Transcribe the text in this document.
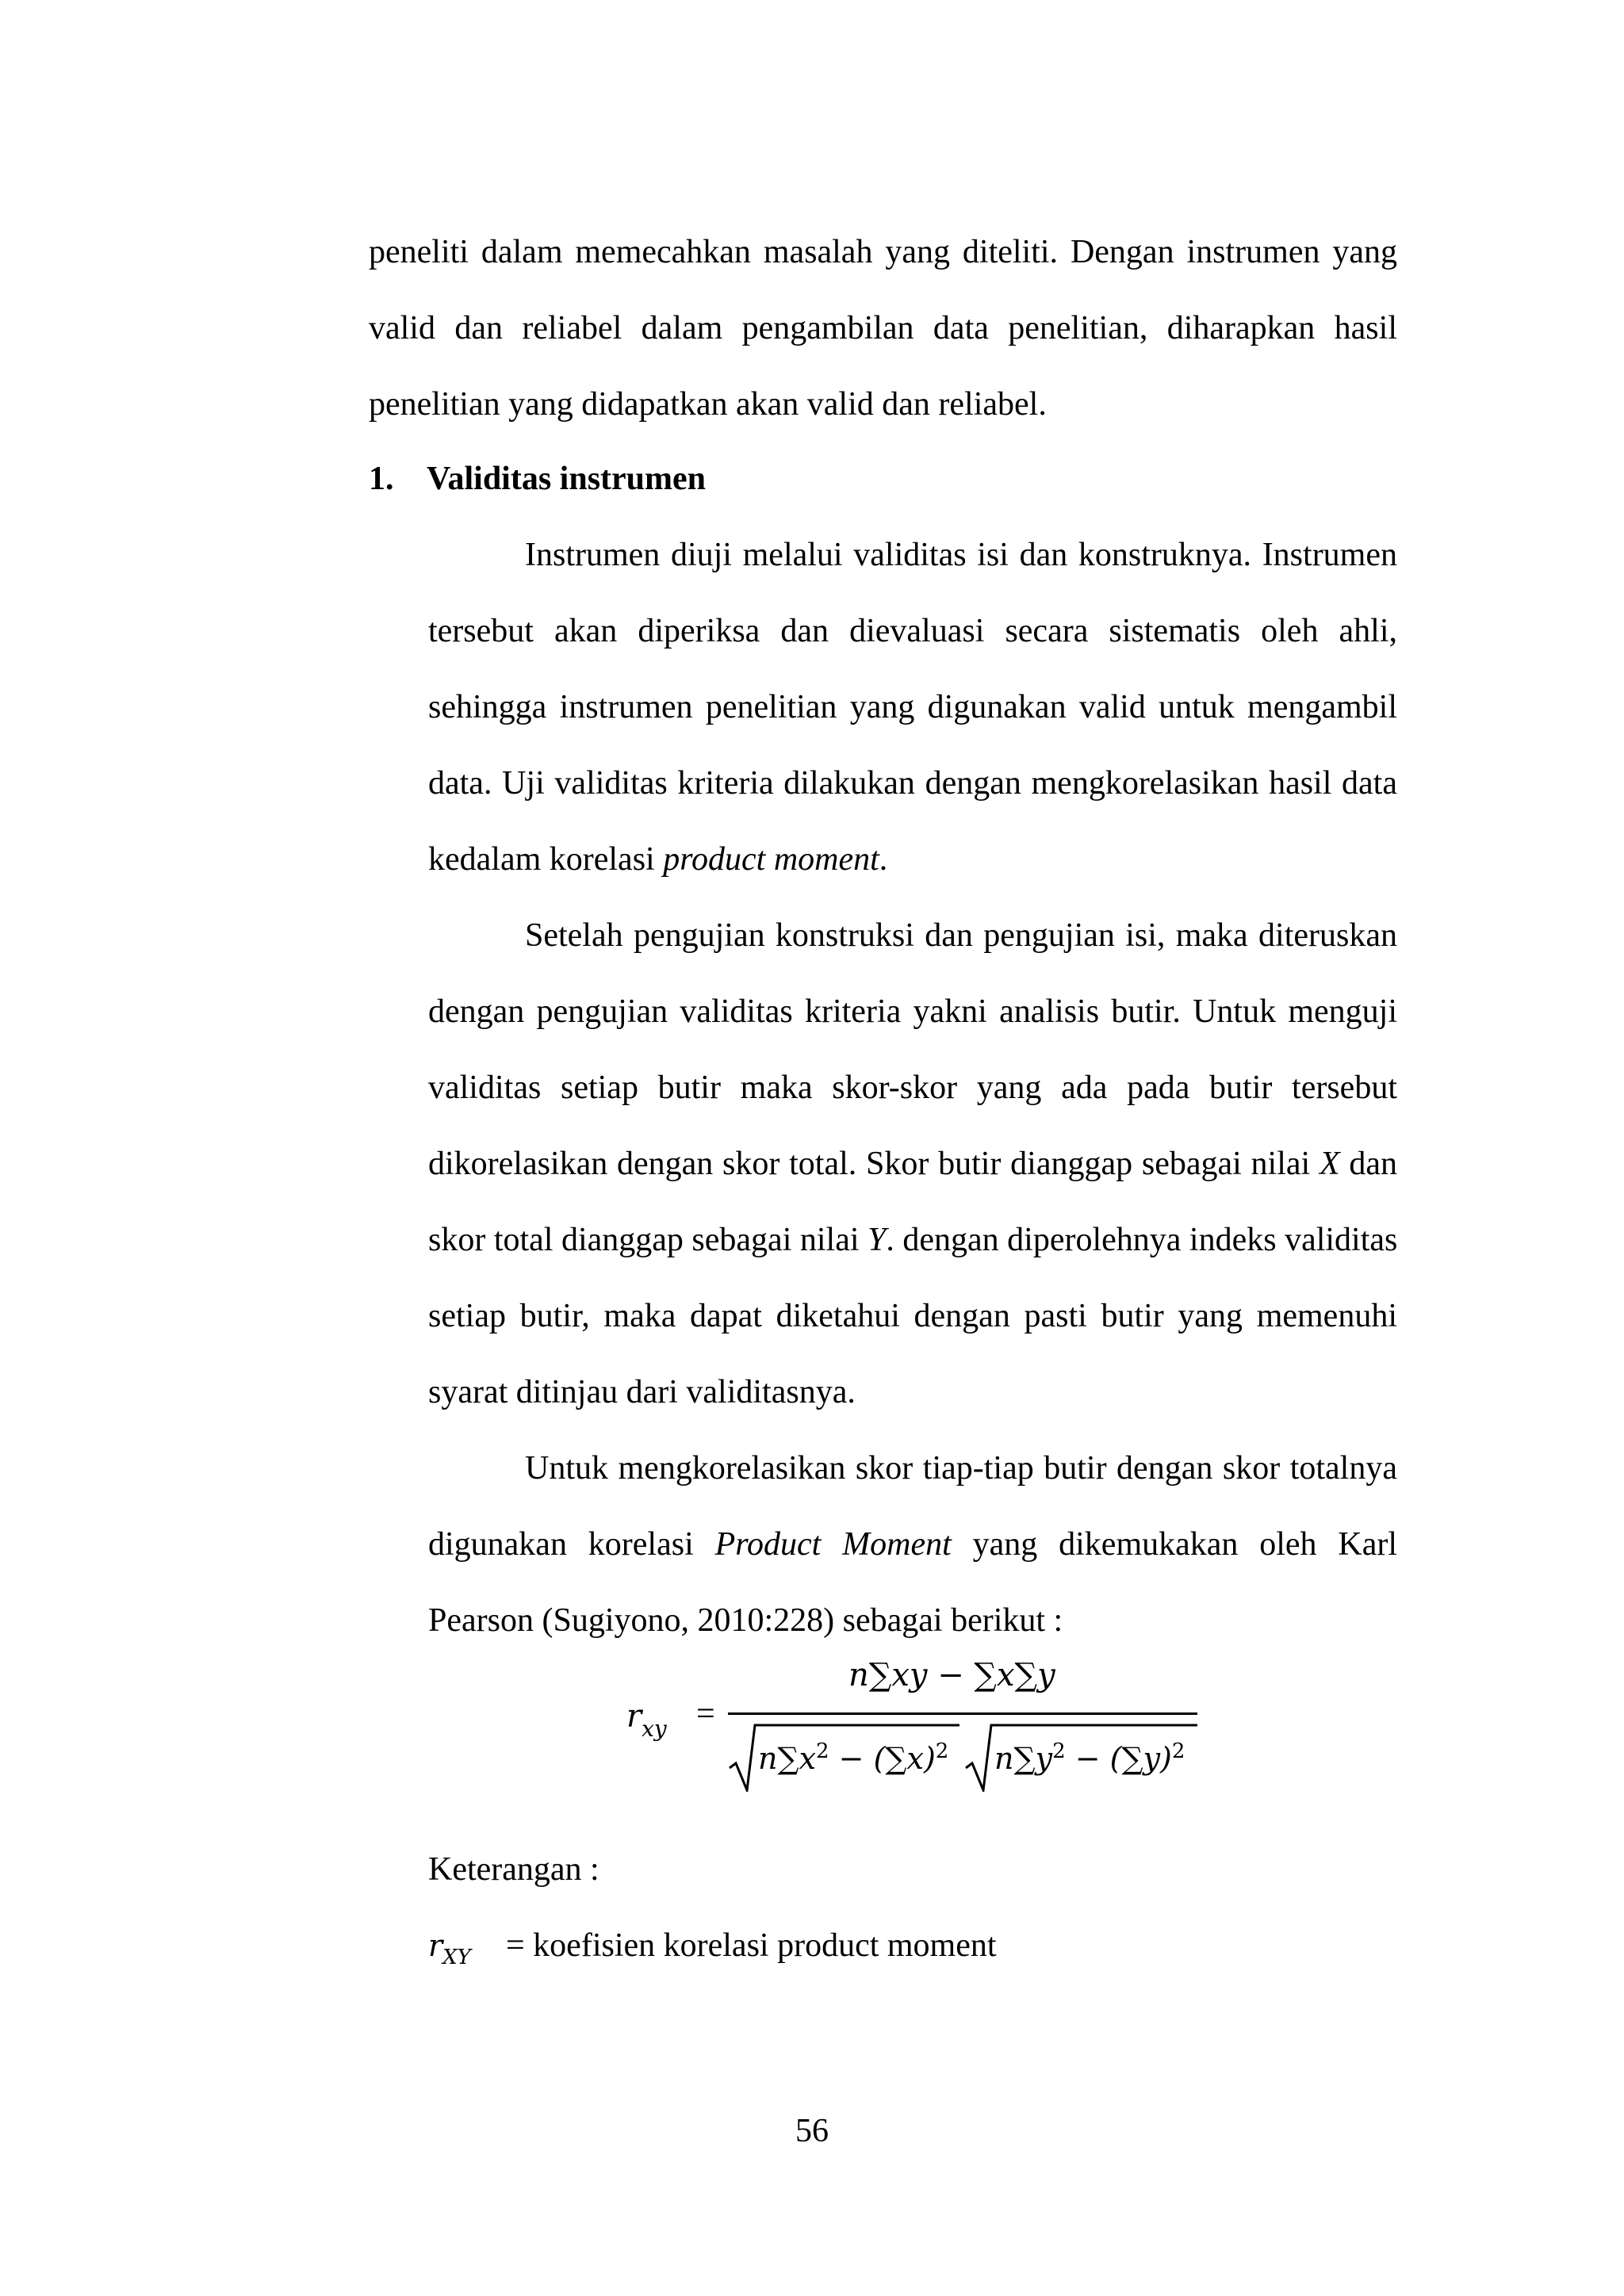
peneliti dalam memecahkan masalah yang diteliti. Dengan instrumen yang
valid dan reliabel dalam pengambilan data penelitian, diharapkan hasil
penelitian yang didapatkan akan valid dan reliabel.
1. Validitas instrumen
Instrumen diuji melalui validitas isi dan konstruknya. Instrumen
tersebut akan diperiksa dan dievaluasi secara sistematis oleh ahli,
sehingga instrumen penelitian yang digunakan valid untuk mengambil
data. Uji validitas kriteria dilakukan dengan mengkorelasikan hasil data
kedalam korelasi product moment.
Setelah pengujian konstruksi dan pengujian isi, maka diteruskan
dengan pengujian validitas kriteria yakni analisis butir. Untuk menguji
validitas setiap butir maka skor-skor yang ada pada butir tersebut
dikorelasikan dengan skor total. Skor butir dianggap sebagai nilai X dan
skor total dianggap sebagai nilai Y. dengan diperolehnya indeks validitas
setiap butir, maka dapat diketahui dengan pasti butir yang memenuhi
syarat ditinjau dari validitasnya.
Untuk mengkorelasikan skor tiap-tiap butir dengan skor totalnya
digunakan korelasi Product Moment yang dikemukakan oleh Karl
Pearson (Sugiyono, 2010:228) sebagai berikut :
$r_{xy}$ =
n∑xy − ∑x∑y
$n\sum x^2 - (\sum x)^2$ $n\sum y^2 - (\sum y)^2$
Keterangan :
$r_{XY}$ = koefisien korelasi product moment
56
